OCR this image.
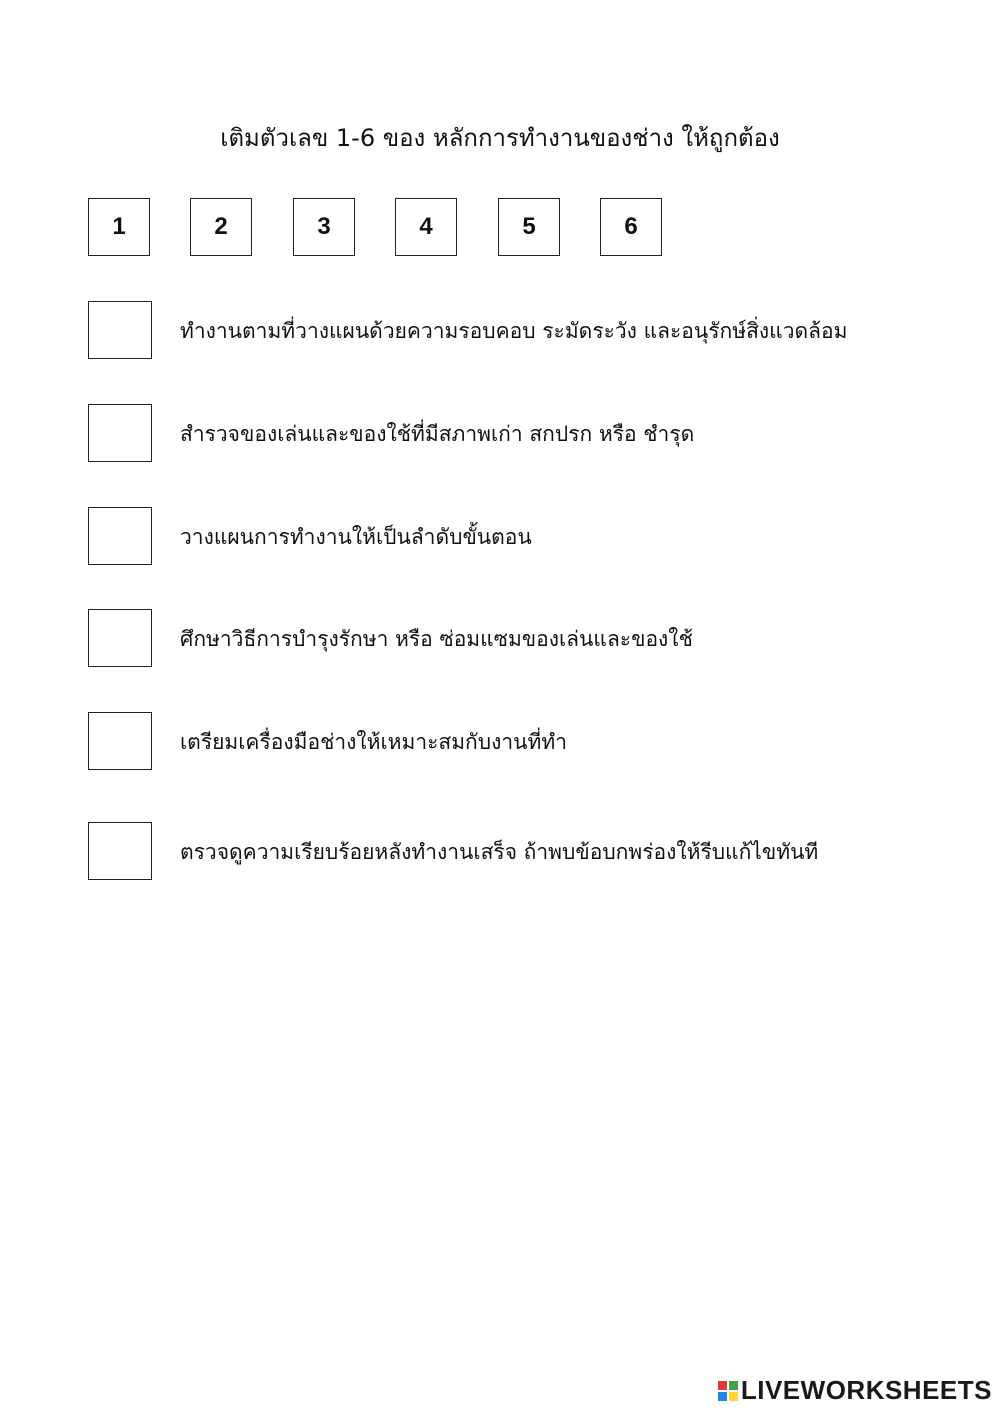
เติมตัวเลข 1-6 ของ หลักการทำงานของช่าง ให้ถูกต้อง
1	2	3	4	5	6
ทำงานตามที่วางแผนด้วยความรอบคอบ ระมัดระวัง และอนุรักษ์สิ่งแวดล้อม
สำรวจของเล่นและของใช้ที่มีสภาพเก่า สกปรก หรือ ชำรุด
วางแผนการทำงานให้เป็นลำดับขั้นตอน
ศึกษาวิธีการบำรุงรักษา หรือ ซ่อมแซมของเล่นและของใช้
เตรียมเครื่องมือช่างให้เหมาะสมกับงานที่ทำ
ตรวจดูความเรียบร้อยหลังทำงานเสร็จ ถ้าพบข้อบกพร่องให้รีบแก้ไขทันที
LIVEWORKSHEETS
